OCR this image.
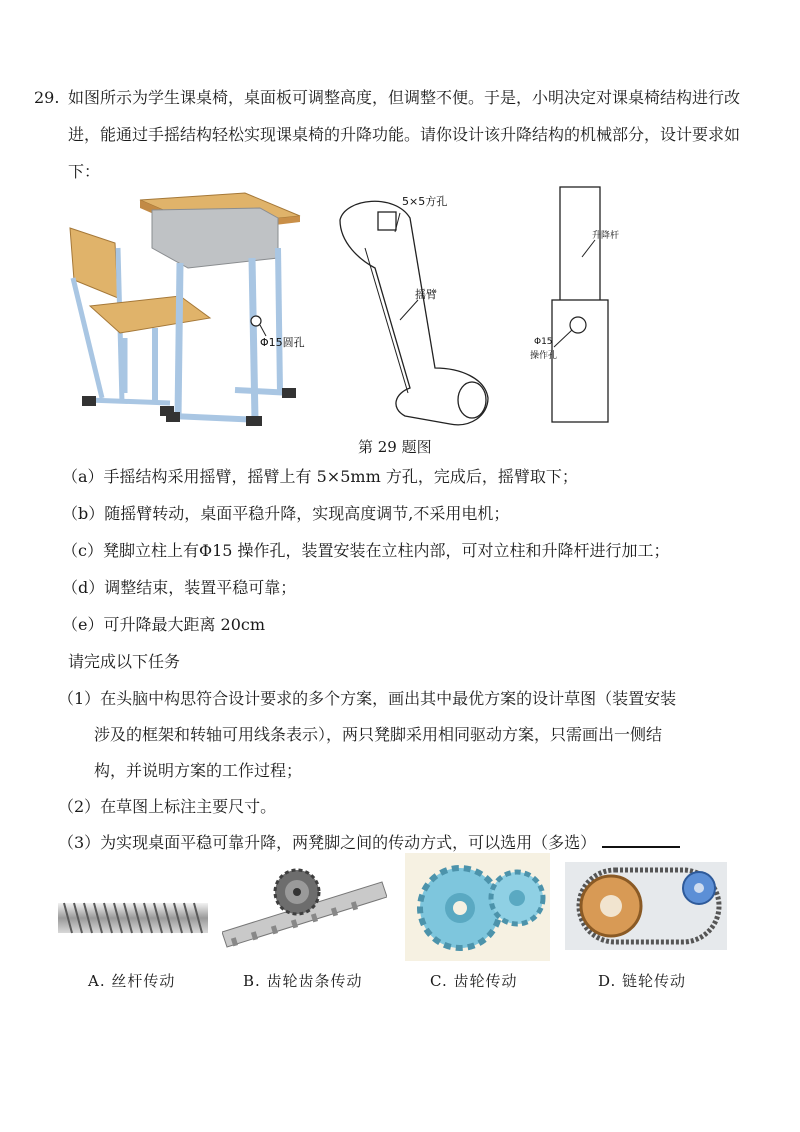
29. 如图所示为学生课桌椅，桌面板可调整高度，但调整不便。于是，小明决定对课桌椅结构进行改
进，能通过手摇结构轻松实现课桌椅的升降功能。请你设计该升降结构的机械部分，设计要求如
下：
Φ15圆孔
5×5方孔
摇臂
升降杆
Φ15
操作孔
第 29 题图
（a）手摇结构采用摇臂，摇臂上有 5×5mm 方孔，完成后，摇臂取下；
（b）随摇臂转动，桌面平稳升降，实现高度调节,不采用电机；
（c）凳脚立柱上有Φ15 操作孔，装置安装在立柱内部，可对立柱和升降杆进行加工；
（d）调整结束，装置平稳可靠；
（e）可升降最大距离 20cm
请完成以下任务
（1）在头脑中构思符合设计要求的多个方案，画出其中最优方案的设计草图（装置安装
涉及的框架和转轴可用线条表示），两只凳脚采用相同驱动方案，只需画出一侧结
构，并说明方案的工作过程；
（2）在草图上标注主要尺寸。
（3）为实现桌面平稳可靠升降，两凳脚之间的传动方式，可以选用（多选）
A. 丝杆传动	B. 齿轮齿条传动	C. 齿轮传动	D. 链轮传动
